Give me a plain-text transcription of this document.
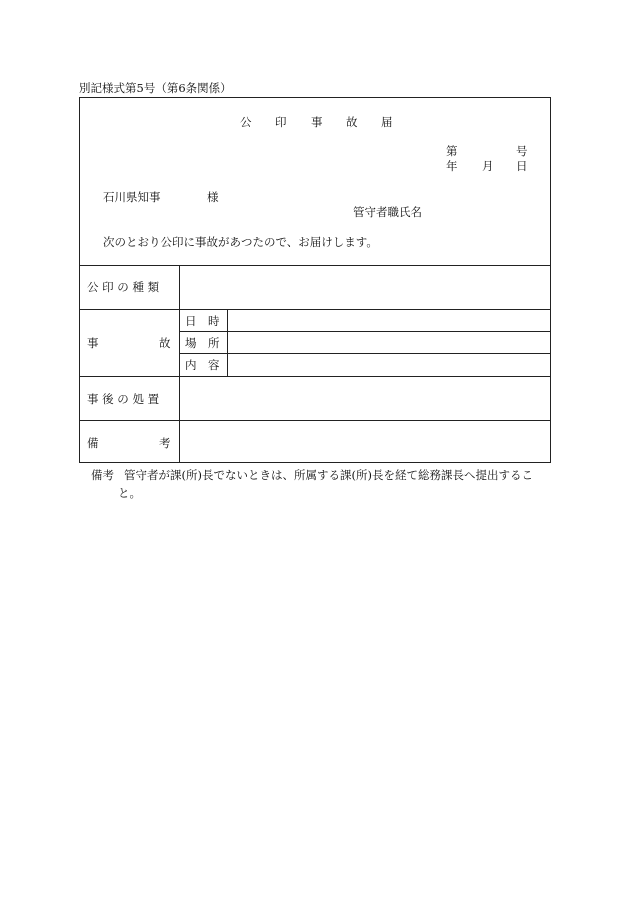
別記様式第5号（第6条関係）
公 印 事 故 届
第	号
年 月 日
石川県知事	様
管守者職氏名
次のとおり公印に事故があつたので、お届けします。
公 印 の 種 類
事	故
日　時
場　所
内　容
事 後 の 処 置
備	考
備考 管守者が課(所)長でないときは、所属する課(所)長を経て総務課長へ提出するこ
と。
